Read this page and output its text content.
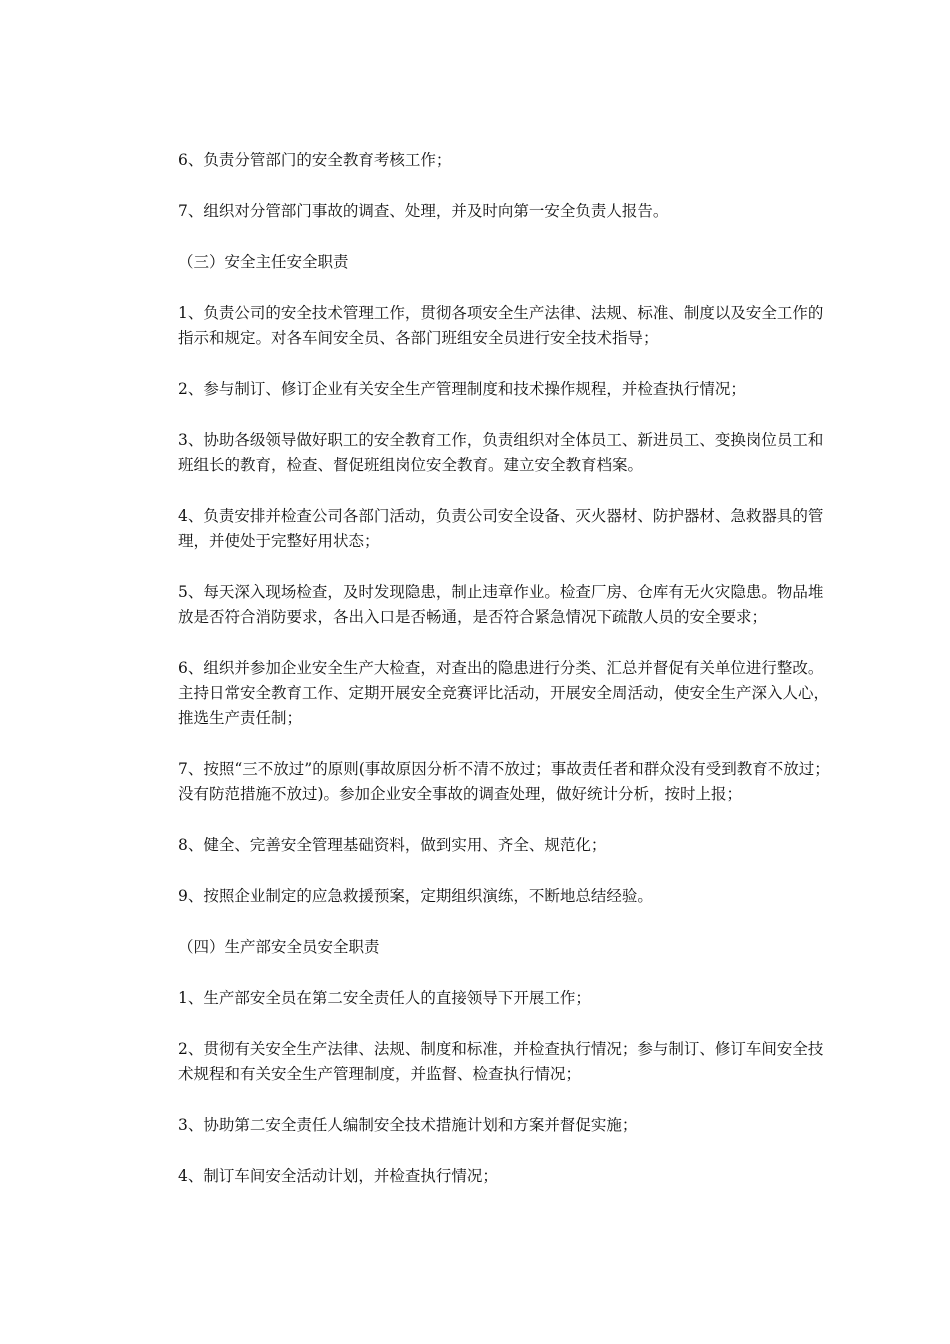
6、负责分管部门的安全教育考核工作；

7、组织对分管部门事故的调查、处理，并及时向第一安全负责人报告。

（三）安全主任安全职责

1、负责公司的安全技术管理工作，贯彻各项安全生产法律、法规、标准、制度以及安全工作的指示和规定。对各车间安全员、各部门班组安全员进行安全技术指导；

2、参与制订、修订企业有关安全生产管理制度和技术操作规程，并检查执行情况；

3、协助各级领导做好职工的安全教育工作，负责组织对全体员工、新进员工、变换岗位员工和班组长的教育，检查、督促班组岗位安全教育。建立安全教育档案。

4、负责安排并检查公司各部门活动，负责公司安全设备、灭火器材、防护器材、急救器具的管理，并使处于完整好用状态；

5、每天深入现场检查，及时发现隐患，制止违章作业。检查厂房、仓库有无火灾隐患。物品堆放是否符合消防要求，各出入口是否畅通，是否符合紧急情况下疏散人员的安全要求；

6、组织并参加企业安全生产大检查，对查出的隐患进行分类、汇总并督促有关单位进行整改。主持日常安全教育工作、定期开展安全竞赛评比活动，开展安全周活动，使安全生产深入人心，推选生产责任制；

7、按照“三不放过”的原则(事故原因分析不清不放过；事故责任者和群众没有受到教育不放过；没有防范措施不放过)。参加企业安全事故的调查处理，做好统计分析，按时上报；

8、健全、完善安全管理基础资料，做到实用、齐全、规范化；

9、按照企业制定的应急救援预案，定期组织演练，不断地总结经验。

（四）生产部安全员安全职责

1、生产部安全员在第二安全责任人的直接领导下开展工作；

2、贯彻有关安全生产法律、法规、制度和标准，并检查执行情况；参与制订、修订车间安全技术规程和有关安全生产管理制度，并监督、检查执行情况；

3、协助第二安全责任人编制安全技术措施计划和方案并督促实施；

4、制订车间安全活动计划，并检查执行情况；
